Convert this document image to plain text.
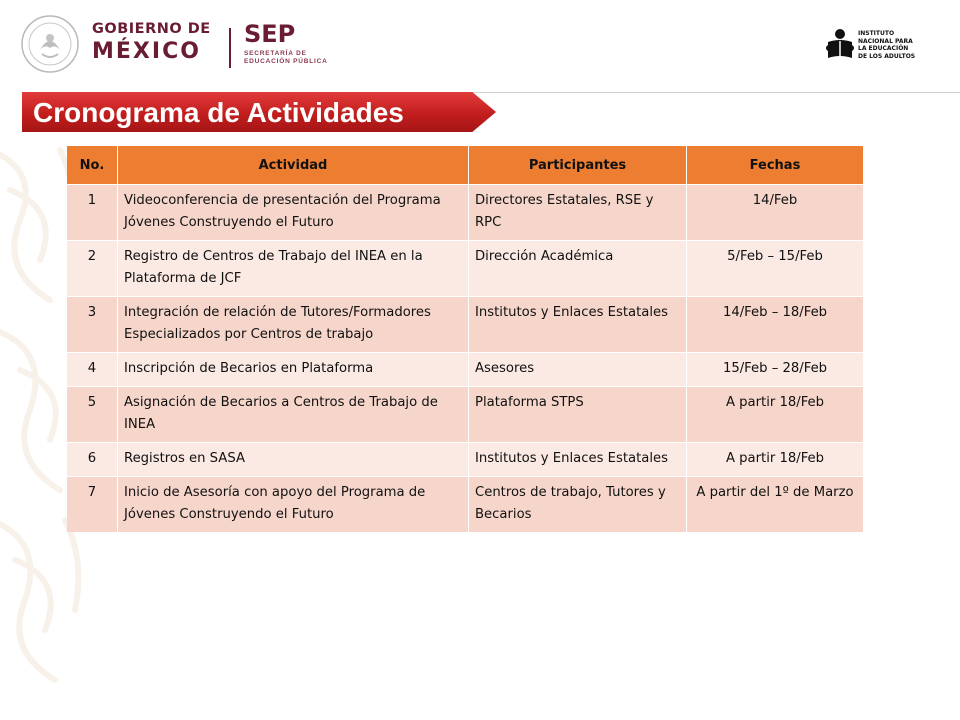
GOBIERNO DE
MÉXICO
SEP
SECRETARÍA DE
EDUCACIÓN PÚBLICA
INSTITUTO
NACIONAL PARA
LA EDUCACIÓN
DE LOS ADULTOS
Cronograma de Actividades
No.	Actividad	Participantes	Fechas
1	Videoconferencia de presentación del Programa Jóvenes Construyendo el Futuro	Directores Estatales, RSE y RPC	14/Feb
2	Registro de Centros de Trabajo del INEA en la Plataforma de JCF	Dirección Académica	5/Feb – 15/Feb
3	Integración de relación de Tutores/Formadores Especializados por Centros de trabajo	Institutos y Enlaces Estatales	14/Feb – 18/Feb
4	Inscripción de Becarios en Plataforma	Asesores	15/Feb – 28/Feb
5	Asignación de Becarios a Centros de Trabajo de INEA	Plataforma STPS	A partir 18/Feb
6	Registros en SASA	Institutos y Enlaces Estatales	A partir 18/Feb
7	Inicio de Asesoría con apoyo del Programa de Jóvenes Construyendo el Futuro	Centros de trabajo, Tutores y Becarios	A partir del 1º de Marzo
